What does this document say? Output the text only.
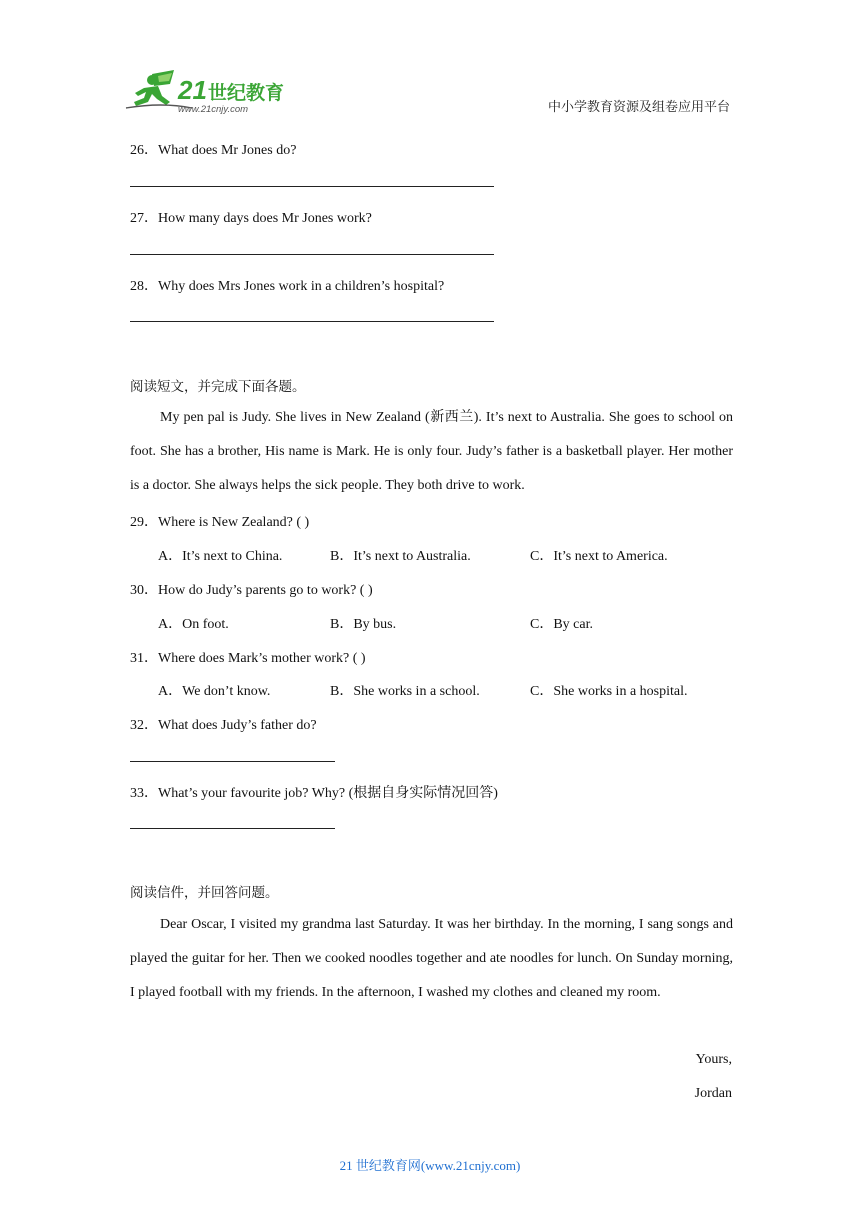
21 世纪教育
www.21cnjy.com	中小学教育资源及组卷应用平台
26．What does Mr Jones do?
27．How many days does Mr Jones work?
28．Why does Mrs Jones work in a children’s hospital?
阅读短文，并完成下面各题。
My pen pal is Judy. She lives in New Zealand (新西兰). It’s next to Australia. She goes to school on foot. She has a brother, His name is Mark. He is only four. Judy’s father is a basketball player. Her mother is a doctor. She always helps the sick people. They both drive to work.
29．Where is New Zealand? ( )
A．It’s next to China.	B．It’s next to Australia.	C．It’s next to America.
30．How do Judy’s parents go to work? ( )
A．On foot.	B．By bus.	C．By car.
31．Where does Mark’s mother work? ( )
A．We don’t know.	B．She works in a school.	C．She works in a hospital.
32．What does Judy’s father do?
33．What’s your favourite job? Why? (根据自身实际情况回答)
阅读信件，并回答问题。
Dear Oscar, I visited my grandma last Saturday. It was her birthday. In the morning, I sang songs and played the guitar for her. Then we cooked noodles together and ate noodles for lunch. On Sunday morning, I played football with my friends. In the afternoon, I washed my clothes and cleaned my room.
Yours,
Jordan
21 世纪教育网(www.21cnjy.com)
